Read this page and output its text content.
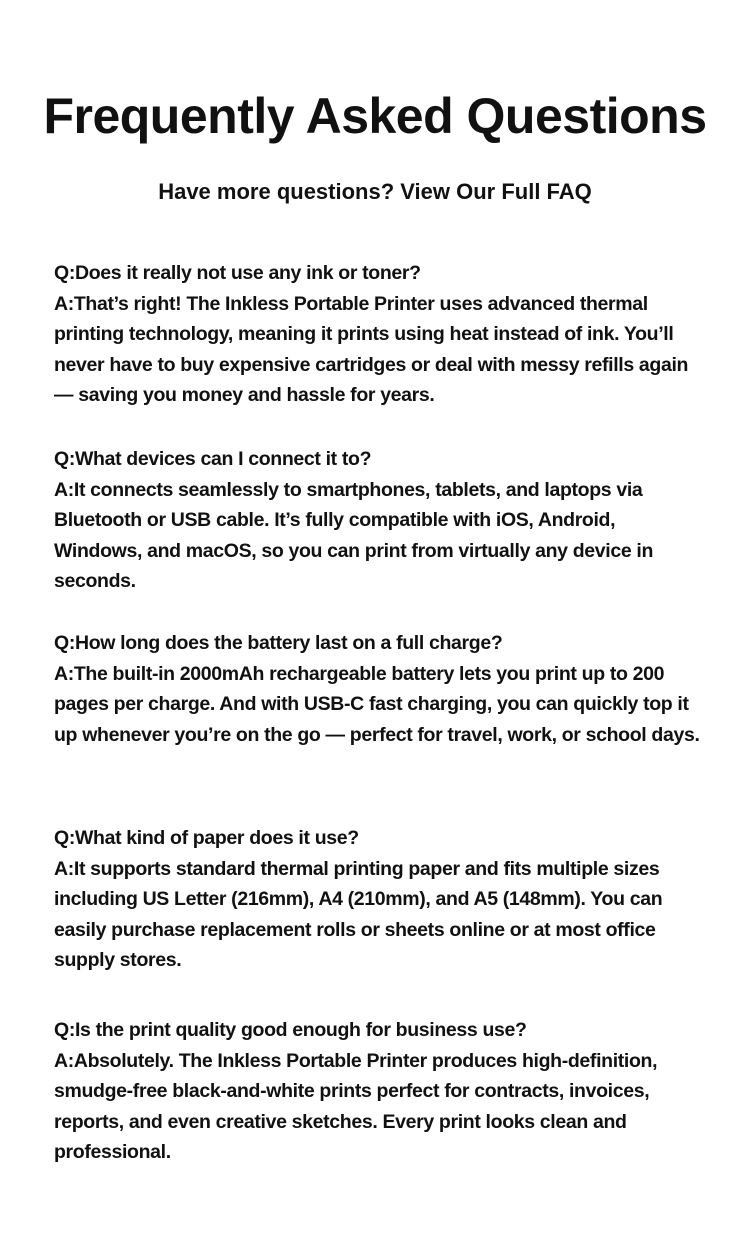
Frequently Asked Questions
Have more questions? View Our Full FAQ
Q:Does it really not use any ink or toner?
A:That’s right! The Inkless Portable Printer uses advanced thermal printing technology, meaning it prints using heat instead of ink. You’ll never have to buy expensive cartridges or deal with messy refills again — saving you money and hassle for years.
Q:What devices can I connect it to?
A:It connects seamlessly to smartphones, tablets, and laptops via Bluetooth or USB cable. It’s fully compatible with iOS, Android, Windows, and macOS, so you can print from virtually any device in seconds.
Q:How long does the battery last on a full charge?
A:The built-in 2000mAh rechargeable battery lets you print up to 200 pages per charge. And with USB-C fast charging, you can quickly top it up whenever you’re on the go — perfect for travel, work, or school days.
Q:What kind of paper does it use?
A:It supports standard thermal printing paper and fits multiple sizes including US Letter (216mm), A4 (210mm), and A5 (148mm). You can easily purchase replacement rolls or sheets online or at most office supply stores.
Q:Is the print quality good enough for business use?
A:Absolutely. The Inkless Portable Printer produces high-definition, smudge-free black-and-white prints perfect for contracts, invoices, reports, and even creative sketches. Every print looks clean and professional.
